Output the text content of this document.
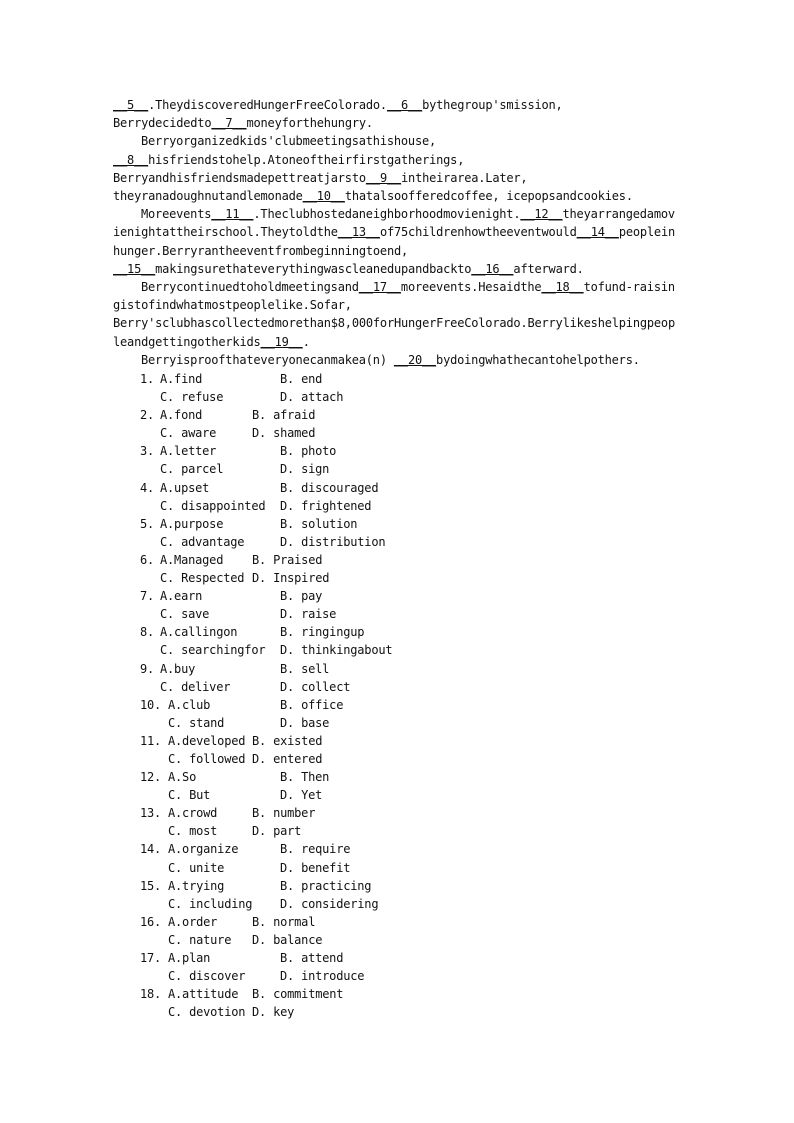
__5__.TheydiscoveredHungerFreeColorado.__6__bythegroup'smission,

Berrydecidedto__7__moneyforthehungry.

Berryorganizedkids'clubmeetingsathishouse,

__8__hisfriendstohelp.Atoneoftheirfirstgatherings,

Berryandhisfriendsmadepettreatjarsto__9__intheirarea.Later,

theyranadoughnutandlemonade__10__thatalsoofferedcoffee, icepopsandcookies.

Moreevents__11__.Theclubhostedaneighborhoodmovienight.__12__theyarrangedamov

ienightattheirschool.Theytoldthe__13__of75childrenhowtheeventwould__14__peoplein

hunger.Berryrantheeventfrombeginningtoend,

__15__makingsurethateverythingwascleanedupandbackto__16__afterward.

Berrycontinuedtoholdmeetingsand__17__moreevents.Hesaidthe__18__tofund-raisin

gistofindwhatmostpeoplelike.Sofar,

Berry'sclubhascollectedmorethan$8,000forHungerFreeColorado.Berrylikeshelpingpeop

leandgettingotherkids__19__.

Berryisproofthateveryonecanmakea(n) __20__bydoingwhathecantohelpothers.

1.
A.find	B. end
C. refuse	D. attach
2.
A.fond	B. afraid
C. aware	D. shamed
3.
A.letter	B. photo
C. parcel	D. sign
4.
A.upset	B. discouraged
C. disappointed	D. frightened
5.
A.purpose	B. solution
C. advantage	D. distribution
6.
A.Managed	B. Praised
C. Respected D. Inspired
7.
A.earn	B. pay
C. save	D. raise
8.
A.callingon	B. ringingup
C. searchingfor	D. thinkingabout
9.
A.buy	B. sell
C. deliver	D. collect
10. A.club	B. office
C. stand	D. base
11. A.developed B. existed
C. followed D. entered
12. A.So	B. Then
C. But	D. Yet
13. A.crowd	B. number
C. most	D. part
14. A.organize	B. require
C. unite	D. benefit
15. A.trying	B. practicing
C. including	D. considering
16. A.order	B. normal
C. nature	D. balance
17. A.plan	B. attend
C. discover	D. introduce
18. A.attitude	B. commitment
C. devotion D. key
